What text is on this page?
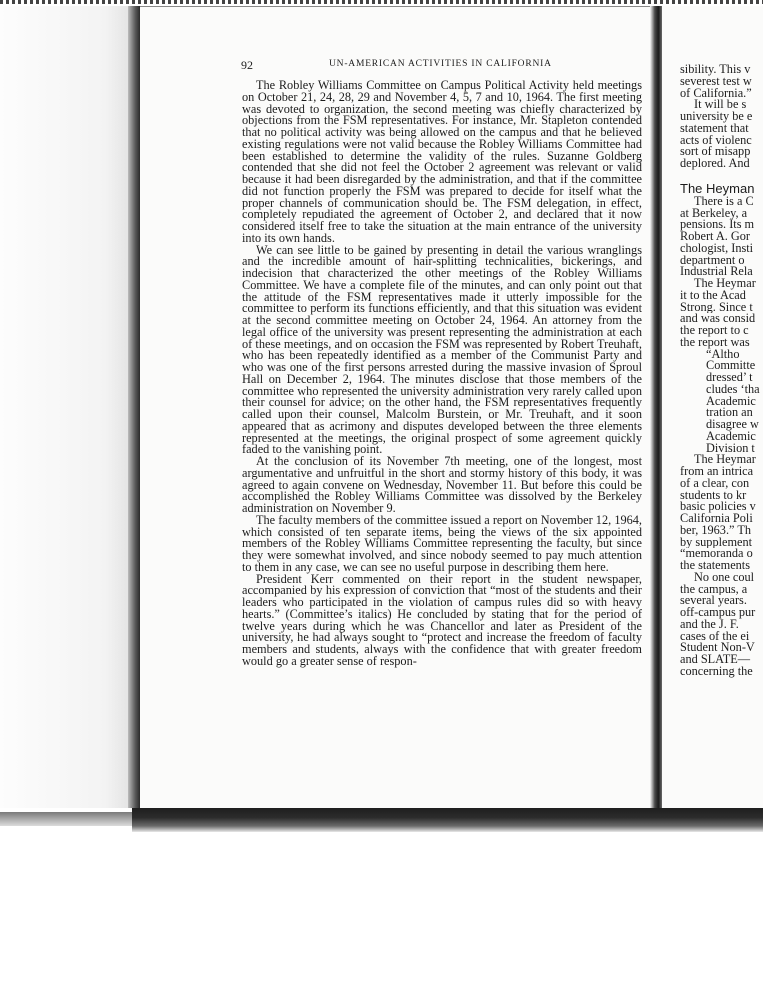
92	UN-AMERICAN ACTIVITIES IN CALIFORNIA

The Robley Williams Committee on Campus Political Activity held meetings on October 21, 24, 28, 29 and November 4, 5, 7 and 10, 1964. The first meeting was devoted to organization, the second meeting was chiefly characterized by objections from the FSM representatives. For instance, Mr. Stapleton contended that no political activity was being allowed on the campus and that he believed existing regulations were not valid because the Robley Williams Committee had been established to determine the validity of the rules. Suzanne Goldberg contended that she did not feel the October 2 agreement was relevant or valid because it had been disregarded by the administration, and that if the committee did not function properly the FSM was prepared to decide for itself what the proper channels of communication should be. The FSM delegation, in effect, completely repudiated the agreement of October 2, and declared that it now considered itself free to take the situation at the main entrance of the university into its own hands.

We can see little to be gained by presenting in detail the various wranglings and the incredible amount of hair-splitting technicalities, bickerings, and indecision that characterized the other meetings of the Robley Williams Committee. We have a complete file of the minutes, and can only point out that the attitude of the FSM representatives made it utterly impossible for the committee to perform its functions efficiently, and that this situation was evident at the second committee meeting on October 24, 1964. An attorney from the legal office of the university was present representing the administration at each of these meetings, and on occasion the FSM was represented by Robert Treuhaft, who has been repeatedly identified as a member of the Communist Party and who was one of the first persons arrested during the massive invasion of Sproul Hall on December 2, 1964. The minutes disclose that those members of the committee who represented the university administration very rarely called upon their counsel for advice; on the other hand, the FSM representatives frequently called upon their counsel, Malcolm Burstein, or Mr. Treuhaft, and it soon appeared that as acrimony and disputes developed between the three elements represented at the meetings, the original prospect of some agreement quickly faded to the vanishing point.

At the conclusion of its November 7th meeting, one of the longest, most argumentative and unfruitful in the short and stormy history of this body, it was agreed to again convene on Wednesday, November 11. But before this could be accomplished the Robley Williams Committee was dissolved by the Berkeley administration on November 9.

The faculty members of the committee issued a report on November 12, 1964, which consisted of ten separate items, being the views of the six appointed members of the Robley Williams Committee representing the faculty, but since they were somewhat involved, and since nobody seemed to pay much attention to them in any case, we can see no useful purpose in describing them here.

President Kerr commented on their report in the student newspaper, accompanied by his expression of conviction that “most of the students and their leaders who participated in the violation of campus rules did so with heavy hearts.” (Committee’s italics) He concluded by stating that for the period of twelve years during which he was Chancellor and later as President of the university, he had always sought to “protect and increase the freedom of faculty members and students, always with the confidence that with greater freedom would go a greater sense of respon-

sibility. This v
severest test w
of California.”
It will be s
university be e
statement that
acts of violenc
sort of misapp
deplored. And
The Heyman
There is a C
at Berkeley, a
pensions. Its m
Robert A. Gor
chologist, Insti
department o
Industrial Rela
The Heymar
it to the Acad
Strong. Since t
and was consid
the report to c
the report was
“Altho
Committe
dressed’ t
cludes ‘tha
Academic
tration an
disagree w
Academic
Division t
The Heymar
from an intrica
of a clear, con
students to kr
basic policies v
California Poli
ber, 1963.” Th
by supplement
“memoranda o
the statements
No one coul
the campus, a
several years.
off-campus pur
and the J. F.
cases of the ei
Student Non-V
and SLATE—
concerning the
